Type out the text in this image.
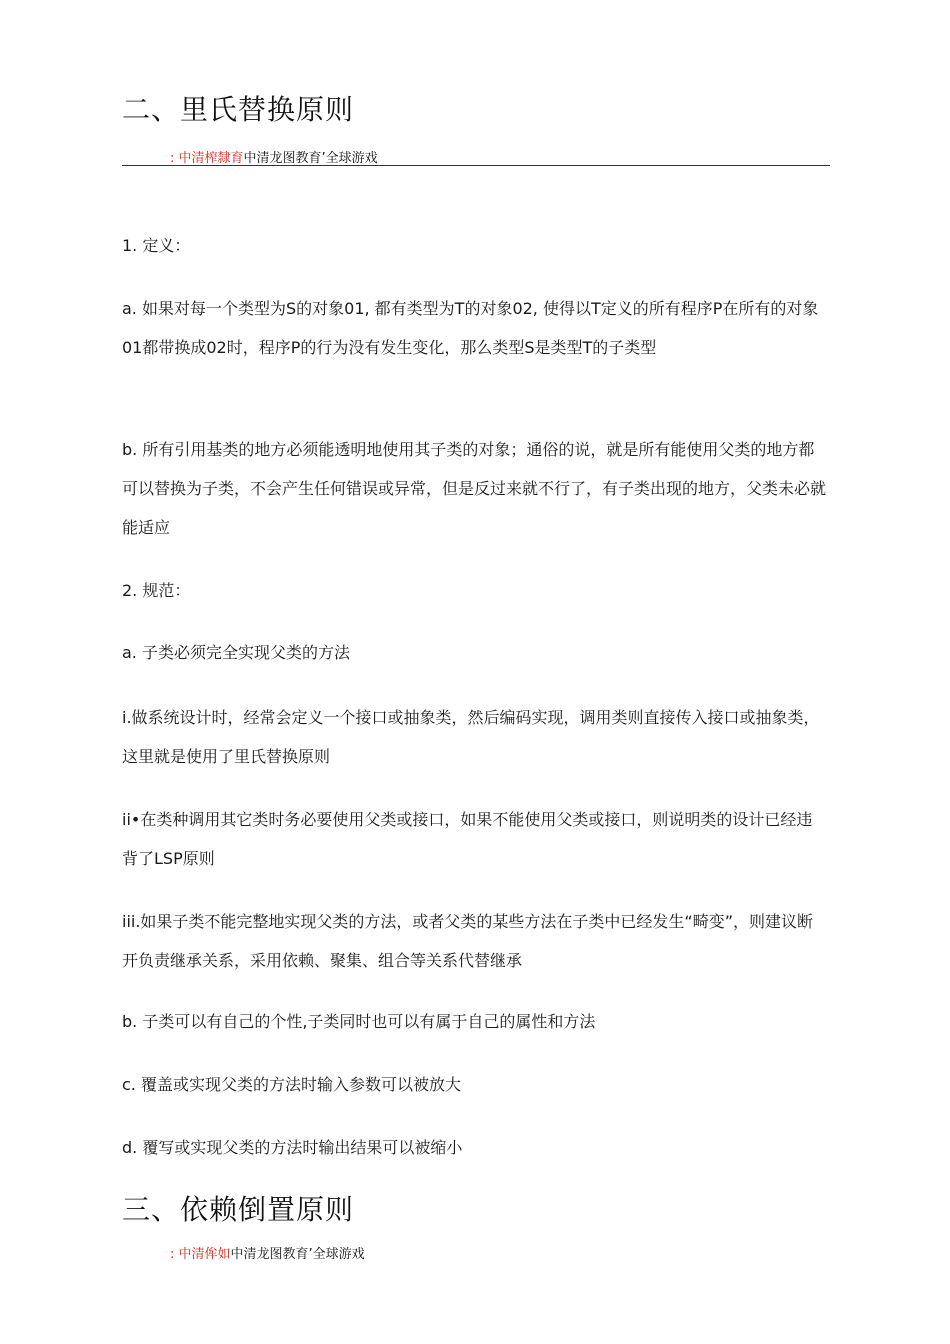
二、里氏替换原则
: 中清榨隸育中清龙图教育’全球游戏

1. 定义：

a. 如果对每一个类型为S的对象01, 都有类型为T的对象02, 使得以T定义的所有程序P在所有的对象01都带换成02时，程序P的行为没有发生变化，那么类型S是类型T的子类型

b. 所有引用基类的地方必须能透明地使用其子类的对象；通俗的说，就是所有能使用父类的地方都可以替换为子类，不会产生任何错误或异常，但是反过来就不行了，有子类出现的地方，父类未必就能适应

2. 规范：

a. 子类必须完全实现父类的方法

i.做系统设计时，经常会定义一个接口或抽象类，然后编码实现，调用类则直接传入接口或抽象类，这里就是使用了里氏替换原则

ii•在类种调用其它类时务必要使用父类或接口，如果不能使用父类或接口，则说明类的设计已经违背了LSP原则

iii.如果子类不能完整地实现父类的方法，或者父类的某些方法在子类中已经发生“畸变”，则建议断开负责继承关系，采用依赖、聚集、组合等关系代替继承

b. 子类可以有自己的个性,子类同时也可以有属于自己的属性和方法

c. 覆盖或实现父类的方法时输入参数可以被放大

d. 覆写或实现父类的方法时输出结果可以被缩小

三、依赖倒置原则
: 中清侔如中清龙图教育’全球游戏
